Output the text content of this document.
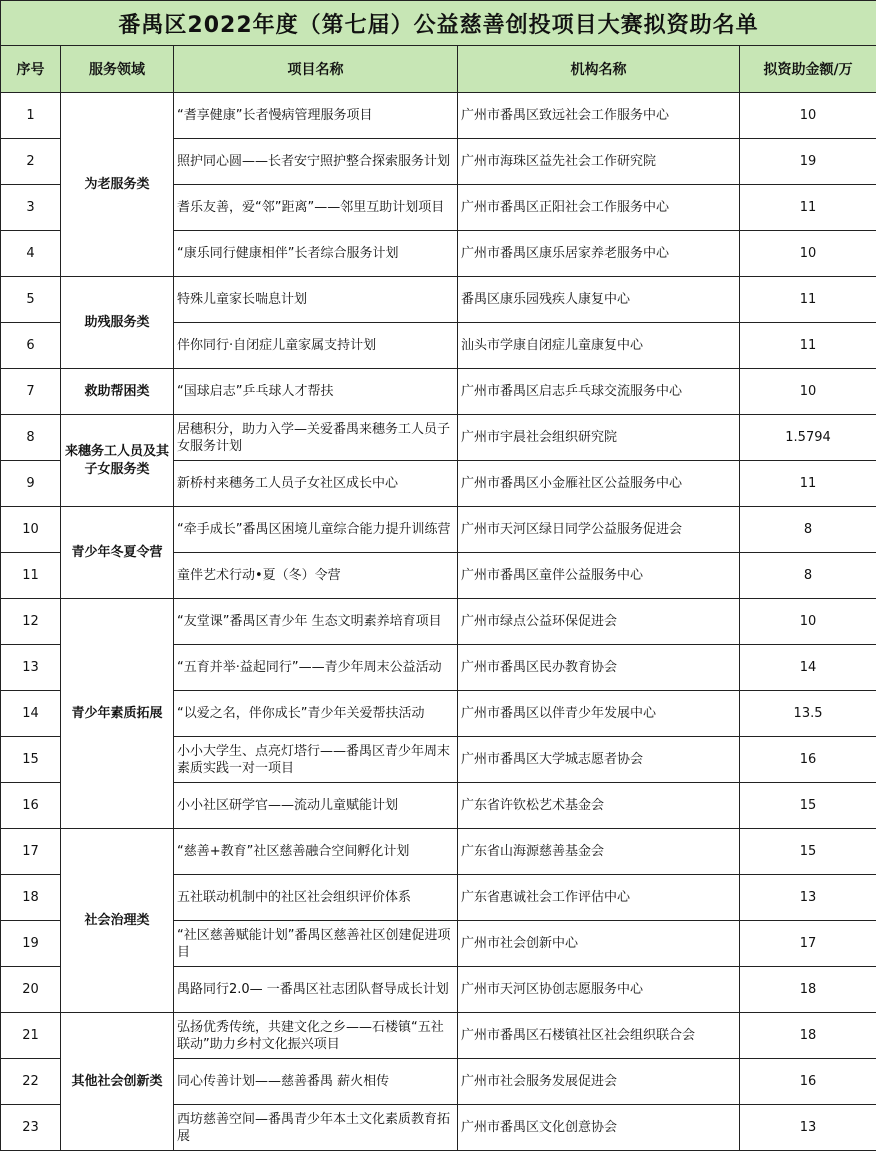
番禺区2022年度（第七届）公益慈善创投项目大赛拟资助名单				
序号	服务领域	项目名称	机构名称	拟资助金额/万
1	为老服务类	“耆享健康”长者慢病管理服务项目	广州市番禺区致远社会工作服务中心	10
2		照护同心圆——长者安宁照护整合探索服务计划	广州市海珠区益先社会工作研究院	19
3		耆乐友善，爱“邻”距离”——邻里互助计划项目	广州市番禺区正阳社会工作服务中心	11
4		“康乐同行健康相伴”长者综合服务计划	广州市番禺区康乐居家养老服务中心	10
5	助残服务类	特殊儿童家长喘息计划	番禺区康乐园残疾人康复中心	11
6		伴你同行·自闭症儿童家属支持计划	汕头市学康自闭症儿童康复中心	11
7	救助帮困类	“国球启志”乒乓球人才帮扶	广州市番禺区启志乒乓球交流服务中心	10
8	来穗务工人员及其子女服务类	居穗积分，助力入学—关爱番禺来穗务工人员子女服务计划	广州市宇晨社会组织研究院	1.5794
9		新桥村来穗务工人员子女社区成长中心	广州市番禺区小金雁社区公益服务中心	11
10	青少年冬夏令营	“牵手成长”番禺区困境儿童综合能力提升训练营	广州市天河区绿日同学公益服务促进会	8
11		童伴艺术行动•夏（冬）令营	广州市番禺区童伴公益服务中心	8
12	青少年素质拓展	“友堂课”番禺区青少年 生态文明素养培育项目	广州市绿点公益环保促进会	10
13		“五育并举·益起同行”——青少年周末公益活动	广州市番禺区民办教育协会	14
14		“以爱之名，伴你成长”青少年关爱帮扶活动	广州市番禺区以伴青少年发展中心	13.5
15		小小大学生、点亮灯塔行——番禺区青少年周末素质实践一对一项目	广州市番禺区大学城志愿者协会	16
16		小小社区研学官——流动儿童赋能计划	广东省许钦松艺术基金会	15
17	社会治理类	“慈善+教育”社区慈善融合空间孵化计划	广东省山海源慈善基金会	15
18		五社联动机制中的社区社会组织评价体系	广东省惠诚社会工作评估中心	13
19		“社区慈善赋能计划”番禺区慈善社区创建促进项目	广州市社会创新中心	17
20		禺路同行2.0— 一番禺区社志团队督导成长计划	广州市天河区协创志愿服务中心	18
21	其他社会创新类	弘扬优秀传统，共建文化之乡——石楼镇“五社联动”助力乡村文化振兴项目	广州市番禺区石楼镇社区社会组织联合会	18
22		同心传善计划——慈善番禺 薪火相传	广州市社会服务发展促进会	16
23		西坊慈善空间—番禺青少年本土文化素质教育拓展	广州市番禺区文化创意协会	13
